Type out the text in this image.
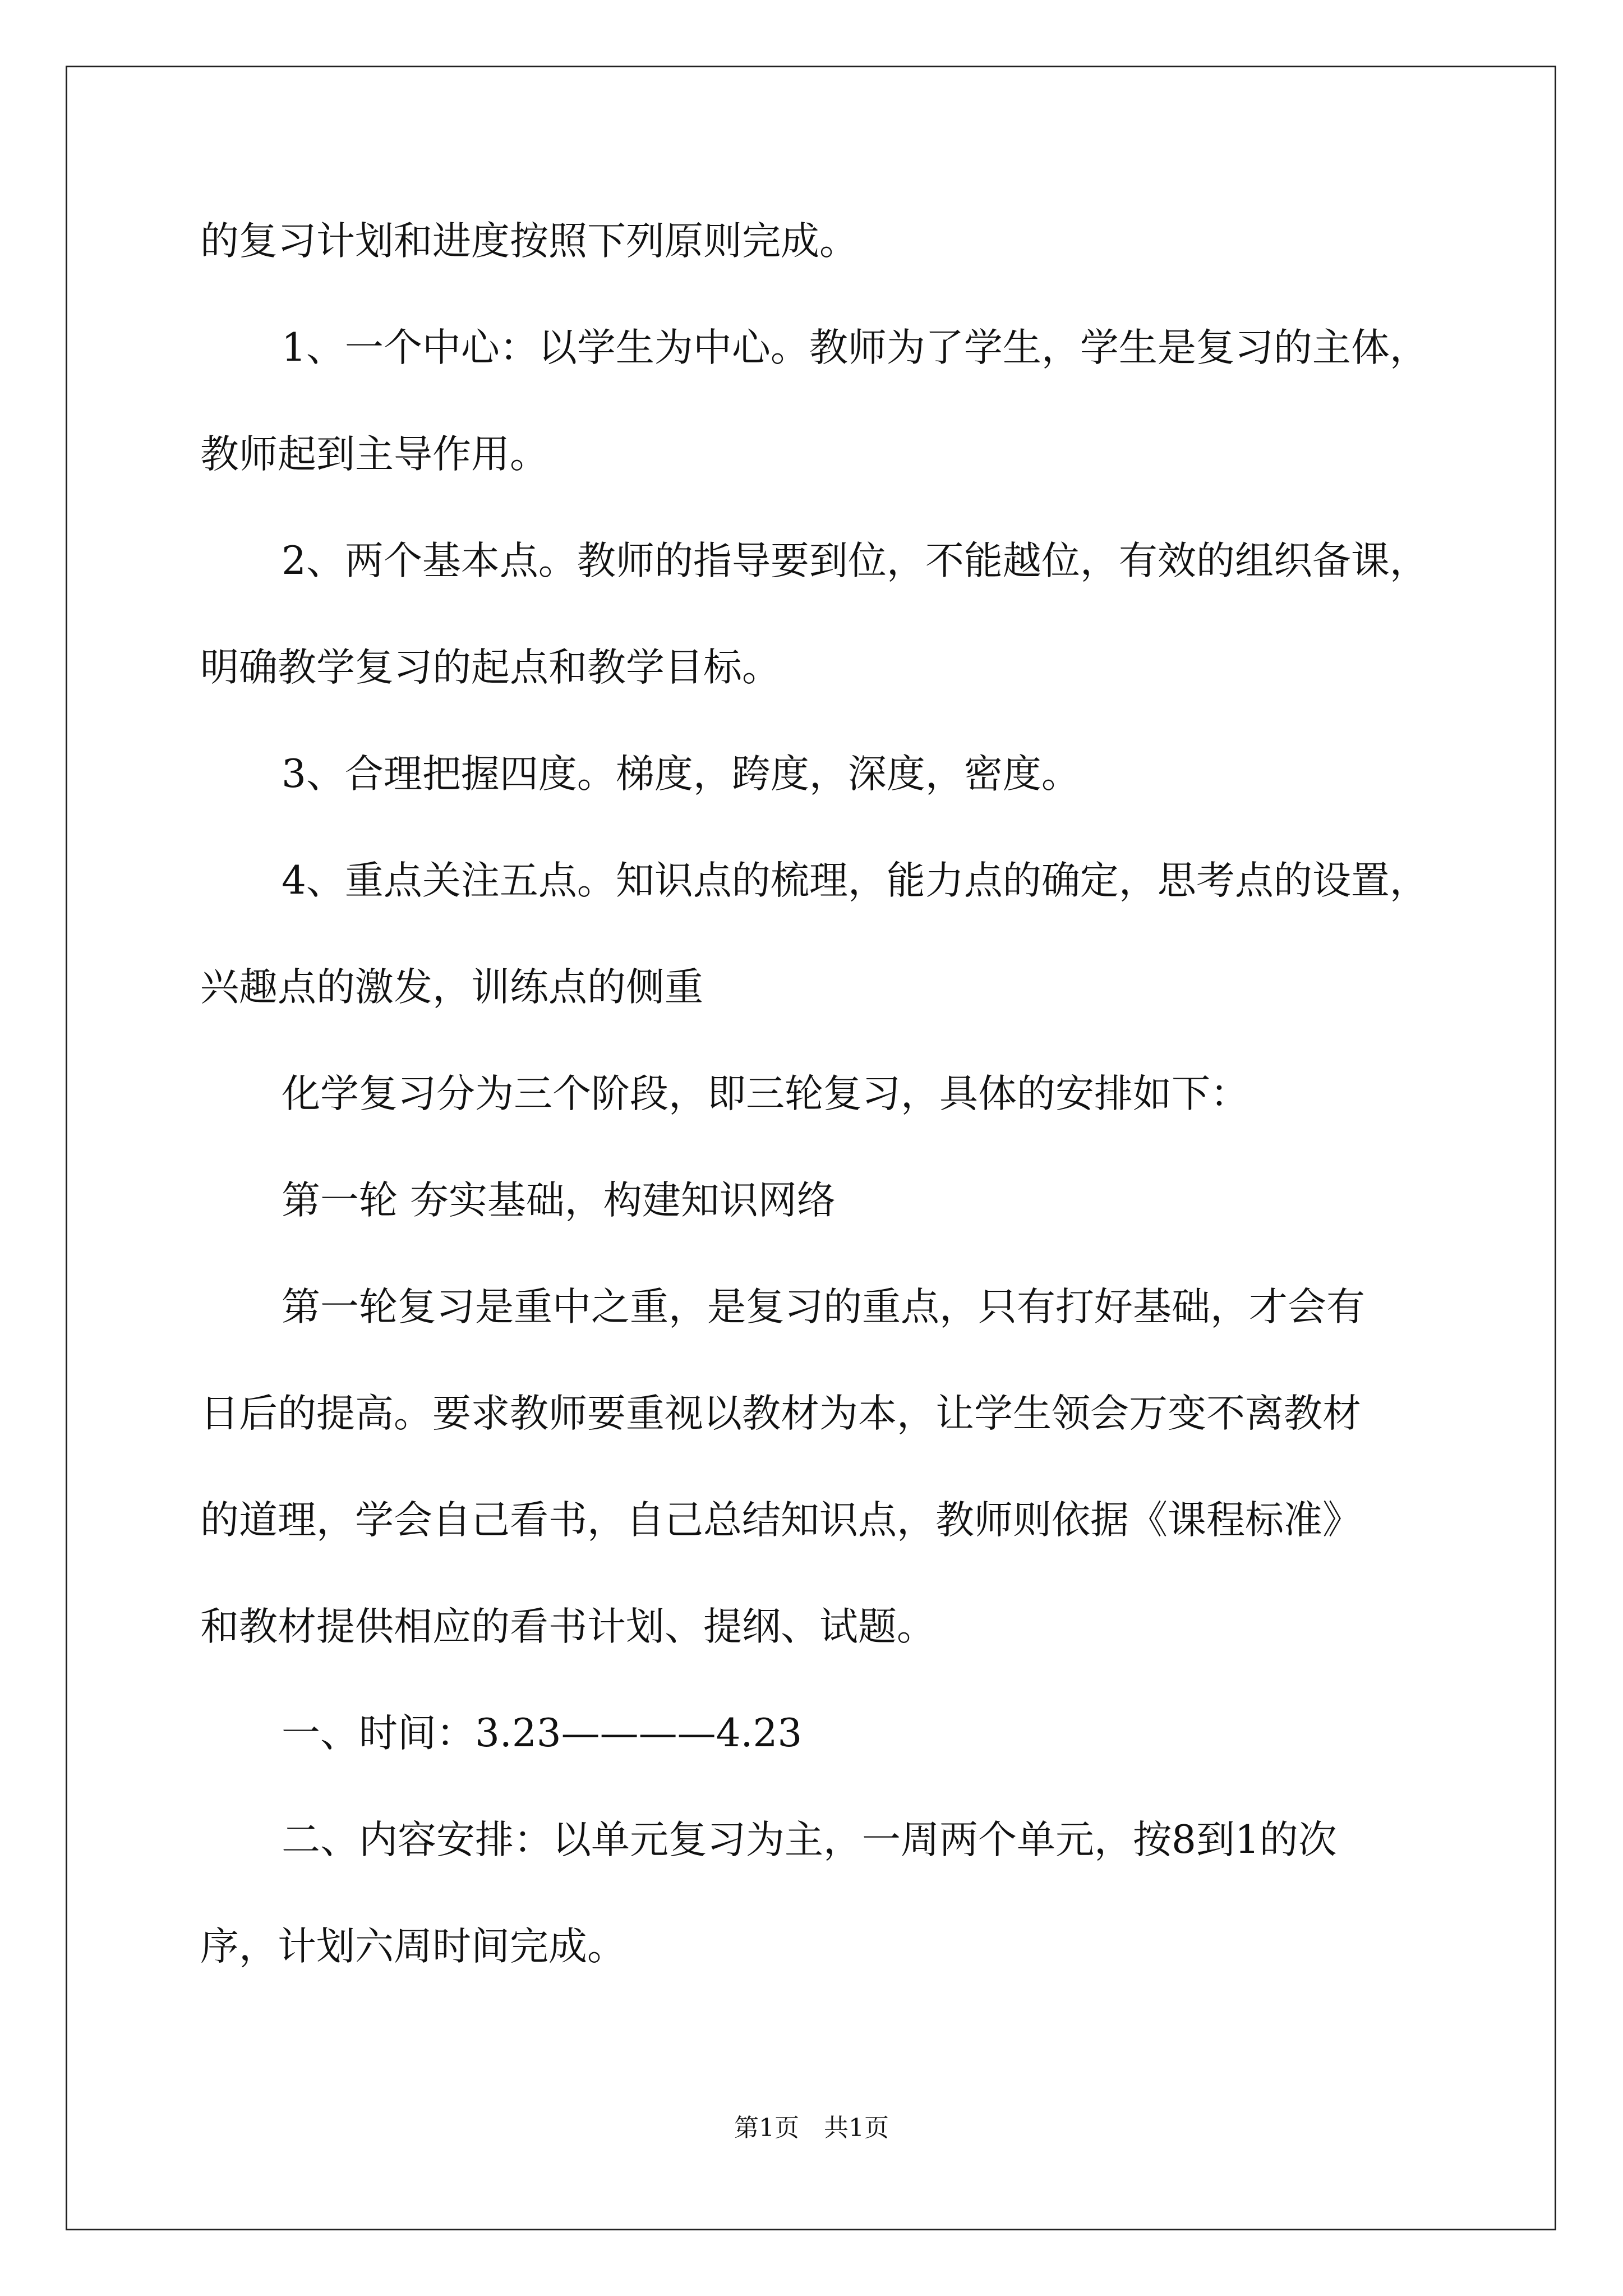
的复习计划和进度按照下列原则完成。
1、一个中心：以学生为中心。教师为了学生，学生是复习的主体，
教师起到主导作用。
2、两个基本点。教师的指导要到位，不能越位，有效的组织备课，
明确教学复习的起点和教学目标。
3、合理把握四度。梯度，跨度，深度，密度。
4、重点关注五点。知识点的梳理，能力点的确定，思考点的设置，
兴趣点的激发，训练点的侧重
化学复习分为三个阶段，即三轮复习，具体的安排如下：
第一轮 夯实基础，构建知识网络
第一轮复习是重中之重，是复习的重点，只有打好基础，才会有
日后的提高。要求教师要重视以教材为本，让学生领会万变不离教材
的道理，学会自己看书，自己总结知识点，教师则依据《课程标准》
和教材提供相应的看书计划、提纲、试题。
一、时间：3.23————4.23
二、内容安排：以单元复习为主，一周两个单元，按8到1的次
序，计划六周时间完成。
第1页　共1页
